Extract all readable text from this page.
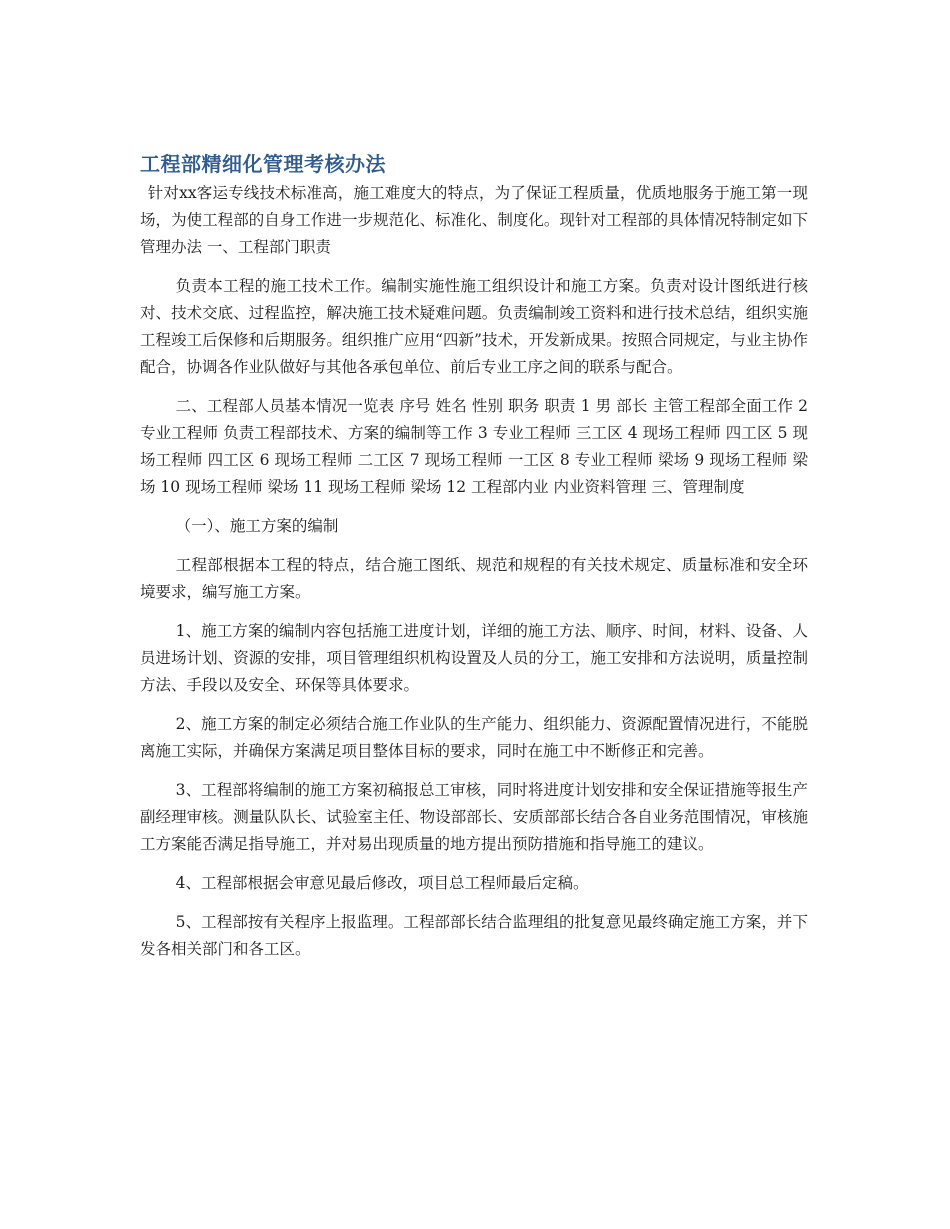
工程部精细化管理考核办法

针对xx客运专线技术标准高，施工难度大的特点，为了保证工程质量，优质地服务于施工第一现场，为使工程部的自身工作进一步规范化、标准化、制度化。现针对工程部的具体情况特制定如下管理办法 一、工程部门职责

负责本工程的施工技术工作。编制实施性施工组织设计和施工方案。负责对设计图纸进行核对、技术交底、过程监控，解决施工技术疑难问题。负责编制竣工资料和进行技术总结，组织实施工程竣工后保修和后期服务。组织推广应用“四新”技术，开发新成果。按照合同规定，与业主协作配合，协调各作业队做好与其他各承包单位、前后专业工序之间的联系与配合。

二、工程部人员基本情况一览表 序号 姓名 性别 职务 职责 1 男 部长 主管工程部全面工作 2 专业工程师 负责工程部技术、方案的编制等工作 3 专业工程师 三工区 4 现场工程师 四工区 5 现场工程师 四工区 6 现场工程师 二工区 7 现场工程师 一工区 8 专业工程师 梁场 9 现场工程师 梁场 10 现场工程师 梁场 11 现场工程师 梁场 12 工程部内业 内业资料管理 三、管理制度

（一）、施工方案的编制

工程部根据本工程的特点，结合施工图纸、规范和规程的有关技术规定、质量标准和安全环境要求，编写施工方案。

1、施工方案的编制内容包括施工进度计划，详细的施工方法、顺序、时间，材料、设备、人员进场计划、资源的安排，项目管理组织机构设置及人员的分工，施工安排和方法说明，质量控制方法、手段以及安全、环保等具体要求。

2、施工方案的制定必须结合施工作业队的生产能力、组织能力、资源配置情况进行，不能脱离施工实际，并确保方案满足项目整体目标的要求，同时在施工中不断修正和完善。

3、工程部将编制的施工方案初稿报总工审核，同时将进度计划安排和安全保证措施等报生产副经理审核。测量队队长、试验室主任、物设部部长、安质部部长结合各自业务范围情况，审核施工方案能否满足指导施工，并对易出现质量的地方提出预防措施和指导施工的建议。

4、工程部根据会审意见最后修改，项目总工程师最后定稿。

5、工程部按有关程序上报监理。工程部部长结合监理组的批复意见最终确定施工方案，并下发各相关部门和各工区。
